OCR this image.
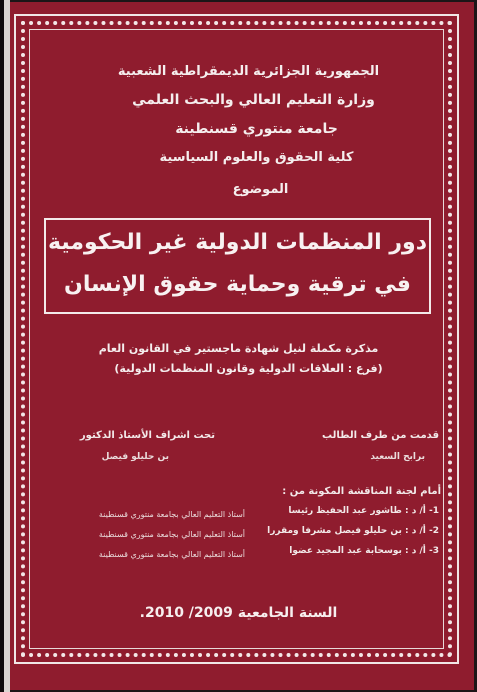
الجمهورية الجزائرية الديمقراطية الشعبية
وزارة التعليم العالي والبحث العلمي
جامعة منتوري قسنطينة
كلية الحقوق والعلوم السياسية
الموضوع
دور المنظمات الدولية غير الحكومية
في ترقية وحماية حقوق الإنسان
مذكرة مكملة لنيل شهادة ماجستير في القانون العام
(فرع : العلاقات الدولية وقانون المنظمات الدولية)
قدمت من طرف الطالب
برابح السعيد
تحت اشراف الأستاذ الدكتور
بن حليلو فيصل
أمام لجنة المناقشة المكونة من :
1- أ/ د : طاشور عبد الحفيظ رئيسا
أستاذ التعليم العالي بجامعة منتوري قسنطينة
2- أ/ د : بن حليلو فيصل مشرفا ومقررا
أستاذ التعليم العالي بجامعة منتوري قسنطينة
3- أ/ د : بوسحابة عبد المجيد عضوا
أستاذ التعليم العالي بجامعة منتوري قسنطينة
السنة الجامعية 2009/ 2010.
